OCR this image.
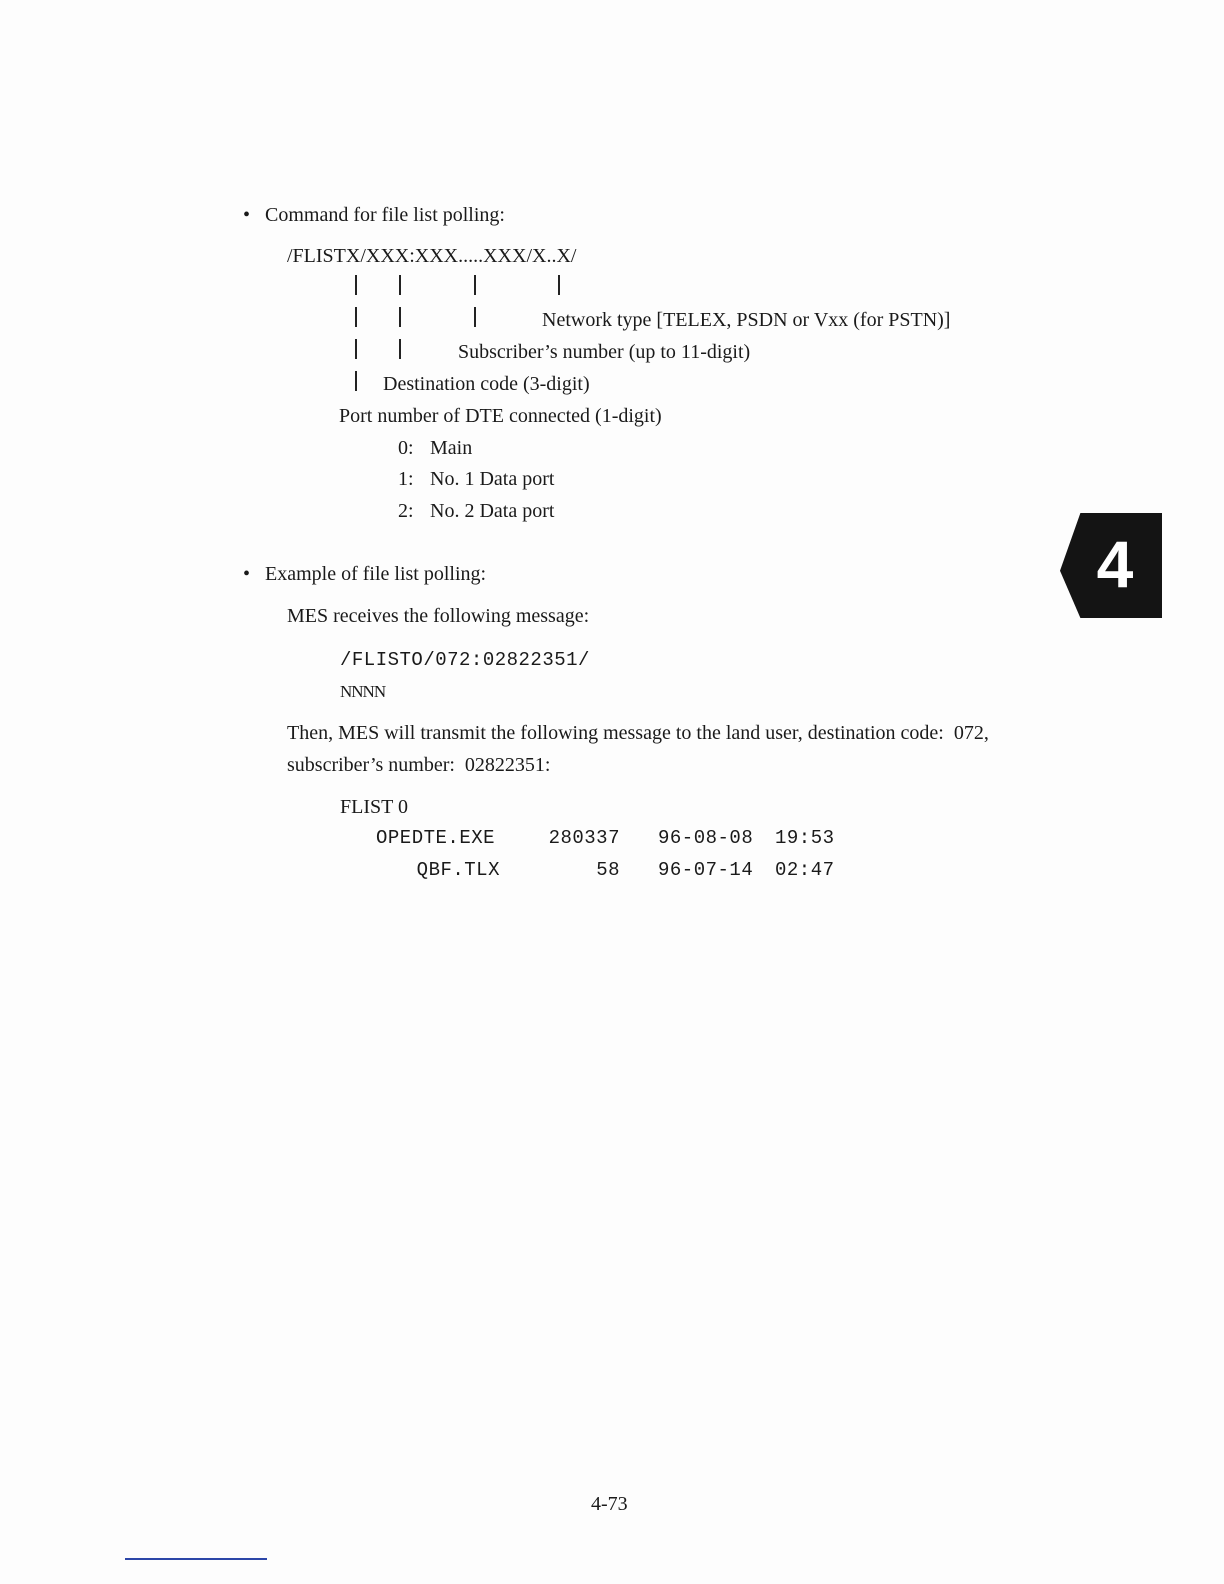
• Command for file list polling:
/FLISTX/XXX:XXX.....XXX/X..X/
Network type [TELEX, PSDN or Vxx (for PSTN)]
Subscriber’s number (up to 11-digit)
Destination code (3-digit)
Port number of DTE connected (1-digit)
0: Main
1: No. 1 Data port
2: No. 2 Data port
• Example of file list polling:
MES receives the following message:
/FLISTO/072:02822351/
NNNN
Then, MES will transmit the following message to the land user, destination code:  072,
subscriber’s number:  02822351:
FLIST 0
OPEDTE.EXE	280337 96-08-08 19:53
QBF.TLX	58 96-07-14 02:47
4
4-73
